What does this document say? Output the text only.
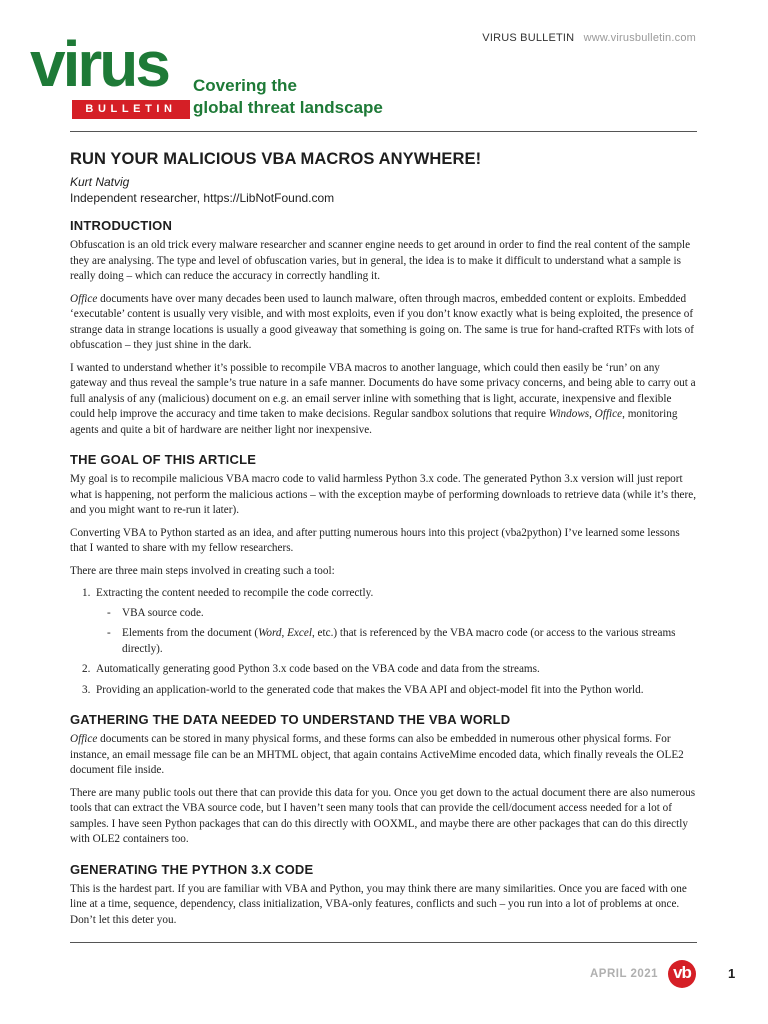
VIRUS BULLETIN www.virusbulletin.com
virus
BULLETIN
Covering the
global threat landscape
RUN YOUR MALICIOUS VBA MACROS ANYWHERE!

Kurt Natvig

Independent researcher, https://LibNotFound.com

INTRODUCTION

Obfuscation is an old trick every malware researcher and scanner engine needs to get around in order to find the real content of the sample they are analysing. The type and level of obfuscation varies, but in general, the idea is to make it difficult to understand what a sample is really doing – which can reduce the accuracy in correctly handling it.

Office documents have over many decades been used to launch malware, often through macros, embedded content or exploits. Embedded ‘executable’ content is usually very visible, and with most exploits, even if you don’t know exactly what is being exploited, the presence of strange data in strange locations is usually a good giveaway that something is going on. The same is true for hand-crafted RTFs with lots of obfuscation – they just shine in the dark.

I wanted to understand whether it’s possible to recompile VBA macros to another language, which could then easily be ‘run’ on any gateway and thus reveal the sample’s true nature in a safe manner. Documents do have some privacy concerns, and being able to carry out a full analysis of any (malicious) document on e.g. an email server inline with something that is light, accurate, inexpensive and flexible could help improve the accuracy and time taken to make decisions. Regular sandbox solutions that require Windows, Office, monitoring agents and quite a bit of hardware are neither light nor inexpensive.

THE GOAL OF THIS ARTICLE

My goal is to recompile malicious VBA macro code to valid harmless Python 3.x code. The generated Python 3.x version will just report what is happening, not perform the malicious actions – with the exception maybe of performing downloads to retrieve data (while it’s there, and you might want to re-run it later).

Converting VBA to Python started as an idea, and after putting numerous hours into this project (vba2python) I’ve learned some lessons that I wanted to share with my fellow researchers.

There are three main steps involved in creating such a tool:

1. Extracting the content needed to recompile the code correctly.
- VBA source code.
- Elements from the document (Word, Excel, etc.) that is referenced by the VBA macro code (or access to the various streams directly).
2. Automatically generating good Python 3.x code based on the VBA code and data from the streams.
3. Providing an application-world to the generated code that makes the VBA API and object-model fit into the Python world.
GATHERING THE DATA NEEDED TO UNDERSTAND THE VBA WORLD

Office documents can be stored in many physical forms, and these forms can also be embedded in numerous other physical forms. For instance, an email message file can be an MHTML object, that again contains ActiveMime encoded data, which finally reveals the OLE2 document file inside.

There are many public tools out there that can provide this data for you. Once you get down to the actual document there are also numerous tools that can extract the VBA source code, but I haven’t seen many tools that can provide the cell/document access needed for a lot of samples. I have seen Python packages that can do this directly with OOXML, and maybe there are other packages that can do this directly with OLE2 containers too.

GENERATING THE PYTHON 3.X CODE

This is the hardest part. If you are familiar with VBA and Python, you may think there are many similarities. Once you are faced with one line at a time, sequence, dependency, class initialization, VBA-only features, conflicts and such – you run into a lot of problems at once. Don’t let this deter you.

APRIL 2021 vb	1
